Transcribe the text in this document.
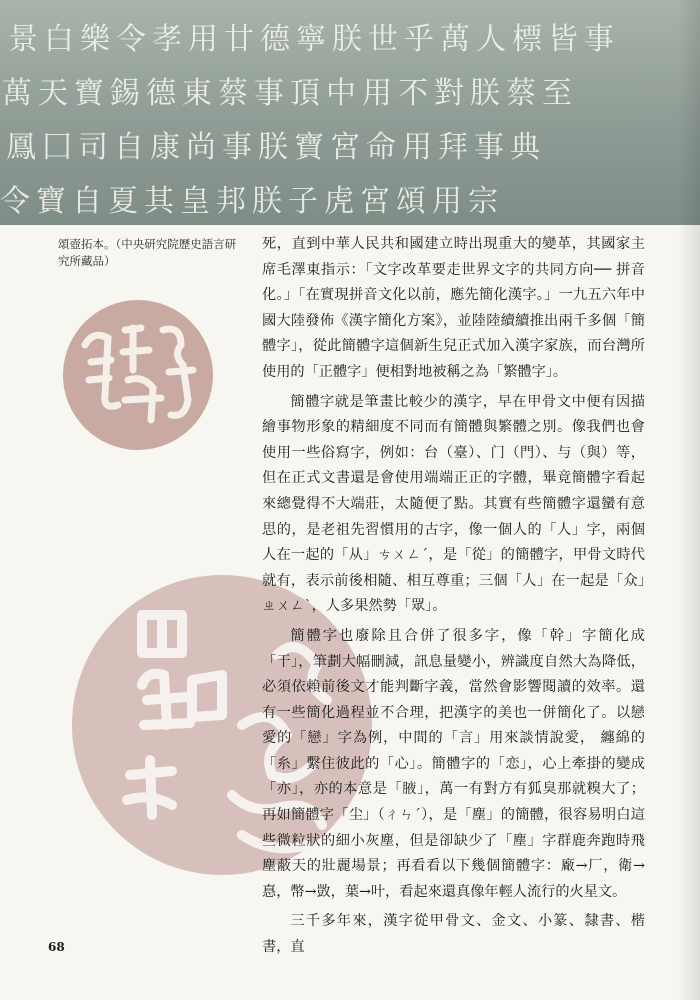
景白樂令孝用廿德寧朕世乎萬人標皆事
萬天寶錫德東蔡事頂中用不對朕蔡至
鳳囗司自康尚事朕寶宮命用拜事典
令寶自夏其皇邦朕子虎宮頌用宗
頌壺拓本。（中央研究院歷史語言研究所藏品）

死，直到中華人民共和國建立時出現重大的變革，其國家主席毛澤東指示：「文字改革要走世界文字的共同方向── 拼音化。」「在實現拼音文化以前，應先簡化漢字。」一九五六年中國大陸發佈《漢字簡化方案》，並陸陸續續推出兩千多個「簡體字」，從此簡體字這個新生兒正式加入漢字家族，而台灣所使用的「正體字」便相對地被稱之為「繁體字」。

簡體字就是筆畫比較少的漢字，早在甲骨文中便有因描繪事物形象的精細度不同而有簡體與繁體之別。像我們也會使用一些俗寫字，例如：台（臺）、门（門）、与（與）等，但在正式文書還是會使用端端正正的字體，畢竟簡體字看起來總覺得不大端莊，太隨便了點。其實有些簡體字還蠻有意思的，是老祖先習慣用的古字，像一個人的「人」字，兩個人在一起的「从」ㄘㄨㄥˊ，是「從」的簡體字，甲骨文時代就有，表示前後相隨、相互尊重；三個「人」在一起是「众」ㄓㄨㄥˋ，人多果然勢「眾」。

簡體字也廢除且合併了很多字，像「幹」字簡化成「干」，筆劃大幅刪減，訊息量變小，辨識度自然大為降低，必須依賴前後文才能判斷字義，當然會影響閱讀的效率。還有一些簡化過程並不合理，把漢字的美也一併簡化了。以戀愛的「戀」字為例，中間的「言」用來談情說愛， 纏綿的「糸」繫住彼此的「心」。簡體字的「恋」，心上牽掛的變成「亦」，亦的本意是「腋」，萬一有對方有狐臭那就糗大了；再如簡體字「尘」（ㄔㄣˊ），是「塵」的簡體，很容易明白這些微粒狀的細小灰塵，但是卻缺少了「塵」字群鹿奔跑時飛塵蔽天的壯麗場景；再看看以下幾個簡體字：廠→厂，衛→惪，幣→敳，葉→叶，看起來還真像年輕人流行的火星文。

三千多年來，漢字從甲骨文、金文、小篆、隸書、楷書，直

68
